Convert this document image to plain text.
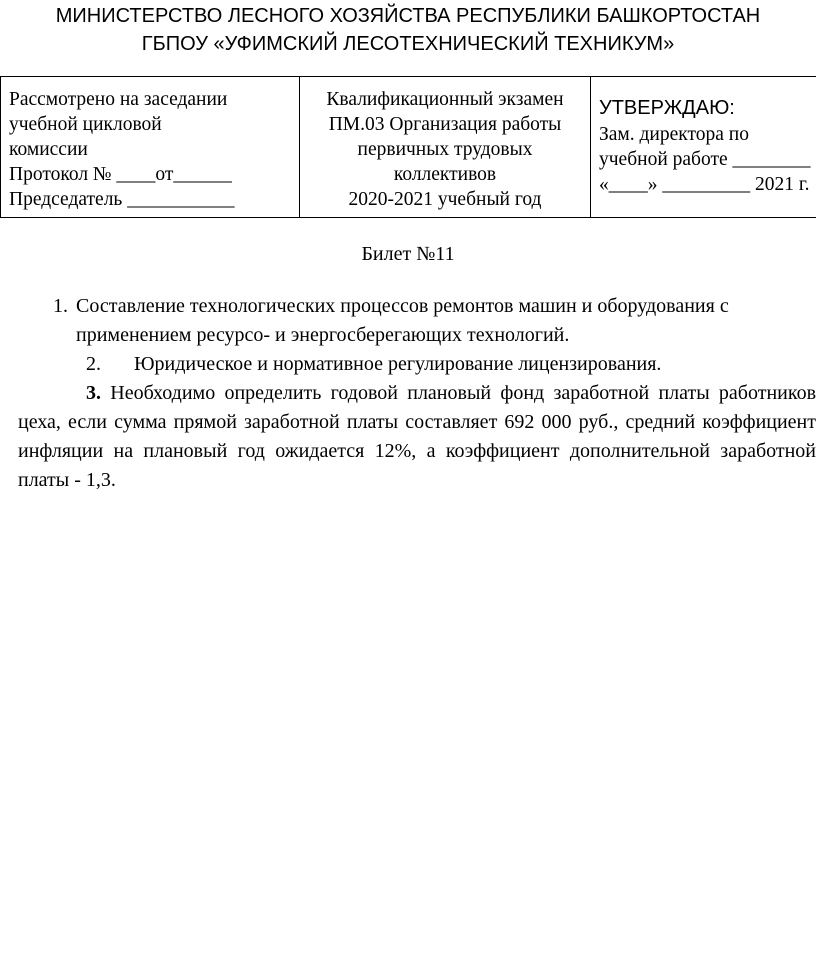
МИНИСТЕРСТВО ЛЕСНОГО ХОЗЯЙСТВА РЕСПУБЛИКИ БАШКОРТОСТАН
ГБПОУ «УФИМСКИЙ ЛЕСОТЕХНИЧЕСКИЙ ТЕХНИКУМ»
Рассмотрено на заседании
учебной цикловой
комиссии
Протокол № ____от______
Председатель ___________

Квалификационный экзамен
ПМ.03 Организация работы
первичных трудовых
коллективов
2020-2021 учебный год

УТВЕРЖДАЮ:
Зам. директора по
учебной работе ________
«____» _________ 2021 г.
Билет №11
1. Составление технологических процессов ремонтов машин и оборудования с применением ресурсо- и энергосберегающих технологий.
2. Юридическое и нормативное регулирование лицензирования.
3. Необходимо определить годовой плановый фонд заработной платы работников цеха, если сумма прямой заработной платы составляет 692 000 руб., средний коэффициент инфляции на плановый год ожидается 12%, а коэффициент дополнительной заработной платы - 1,3.
